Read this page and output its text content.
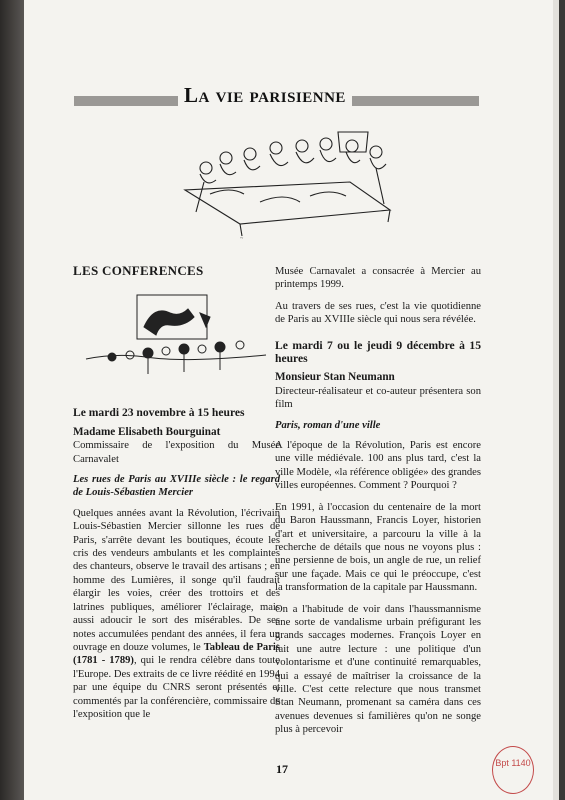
La vie parisienne
~
LES CONFERENCES
Le mardi 23 novembre à 15 heures
Madame Elisabeth Bourguinat
Commissaire de l'exposition du Musée Carnavalet
Les rues de Paris au XVIIIe siècle : le regard de Louis-Sébastien Mercier

Quelques années avant la Révolution, l'écrivain Louis-Sébastien Mercier sillonne les rues de Paris, s'arrête devant les boutiques, écoute les cris des vendeurs ambulants et les complaintes des chanteurs, observe le travail des artisans ; en homme des Lumières, il songe qu'il faudrait élargir les voies, créer des trottoirs et des latrines publiques, améliorer l'éclairage, mais aussi adoucir le sort des misérables. De ses notes accumulées pendant des années, il fera un ouvrage en douze volumes, le Tableau de Paris (1781 - 1789), qui le rendra célèbre dans toute l'Europe. Des extraits de ce livre réédité en 1994 par une équipe du CNRS seront présentés et commentés par la conférencière, commissaire de l'exposition que le

Musée Carnavalet a consacrée à Mercier au printemps 1999.

Au travers de ses rues, c'est la vie quotidienne de Paris au XVIIIe siècle qui nous sera révélée.

Le mardi 7 ou le jeudi 9 décembre à 15 heures
Monsieur Stan Neumann
Directeur-réalisateur et co-auteur présentera son film
Paris, roman d'une ville

A l'époque de la Révolution, Paris est encore une ville médiévale. 100 ans plus tard, c'est la ville Modèle, «la référence obligée» des grandes villes européennes. Comment ? Pourquoi ?

En 1991, à l'occasion du centenaire de la mort du Baron Haussmann, Francis Loyer, historien d'art et universitaire, a parcouru la ville à la recherche de détails que nous ne voyons plus : une persienne de bois, un angle de rue, un relief sur une façade. Mais ce qui le préoccupe, c'est la transformation de la capitale par Haussmann.

On a l'habitude de voir dans l'haussmannisme une sorte de vandalisme urbain préfigurant les grands saccages modernes. François Loyer en fait une autre lecture : une politique d'un volontarisme et d'une continuité remarquables, qui a essayé de maîtriser la croissance de la ville. C'est cette relecture que nous transmet Stan Neumann, promenant sa caméra dans ces avenues devenues si familières qu'on ne songe plus à percevoir

17	Bpt 1140
